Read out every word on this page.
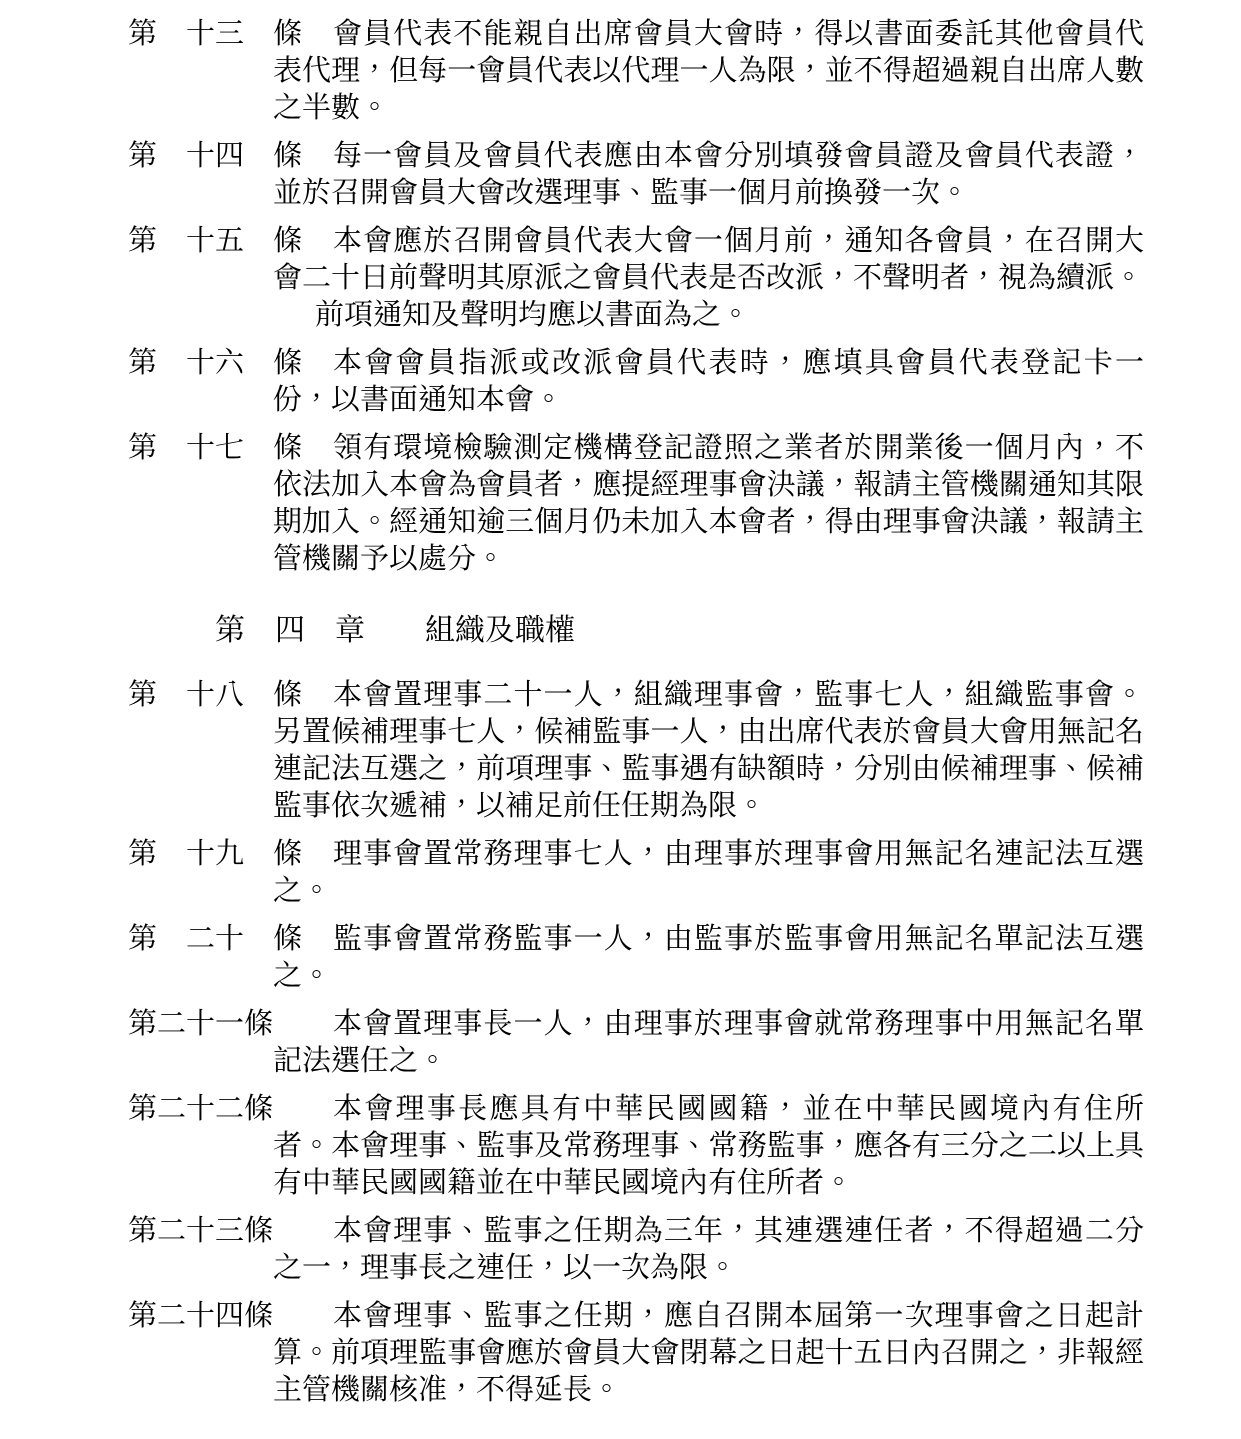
第　十三　條	會員代表不能親自出席會員大會時，得以書面委託其他會員代表代理，但每一會員代表以代理一人為限，並不得超過親自出席人數之半數。

第　十四　條	每一會員及會員代表應由本會分別填發會員證及會員代表證，並於召開會員大會改選理事、監事一個月前換發一次。

第　十五　條	本會應於召開會員代表大會一個月前，通知各會員，在召開大會二十日前聲明其原派之會員代表是否改派，不聲明者，視為續派。

前項通知及聲明均應以書面為之。

第　十六　條	本會會員指派或改派會員代表時，應填具會員代表登記卡一份，以書面通知本會。

第　十七　條	領有環境檢驗測定機構登記證照之業者於開業後一個月內，不依法加入本會為會員者，應提經理事會決議，報請主管機關通知其限期加入。經通知逾三個月仍未加入本會者，得由理事會決議，報請主管機關予以處分。

第　四　章　　組織及職權
第　十八　條	本會置理事二十一人，組織理事會，監事七人，組織監事會。另置候補理事七人，候補監事一人，由出席代表於會員大會用無記名連記法互選之，前項理事、監事遇有缺額時，分別由候補理事、候補監事依次遞補，以補足前任任期為限。

第　十九　條	理事會置常務理事七人，由理事於理事會用無記名連記法互選之。

第　二十　條	監事會置常務監事一人，由監事於監事會用無記名單記法互選之。

第二十一條	本會置理事長一人，由理事於理事會就常務理事中用無記名單記法選任之。

第二十二條	本會理事長應具有中華民國國籍，並在中華民國境內有住所者。本會理事、監事及常務理事、常務監事，應各有三分之二以上具有中華民國國籍並在中華民國境內有住所者。

第二十三條	本會理事、監事之任期為三年，其連選連任者，不得超過二分之一，理事長之連任，以一次為限。

第二十四條	本會理事、監事之任期，應自召開本屆第一次理事會之日起計算。前項理監事會應於會員大會閉幕之日起十五日內召開之，非報經主管機關核准，不得延長。
